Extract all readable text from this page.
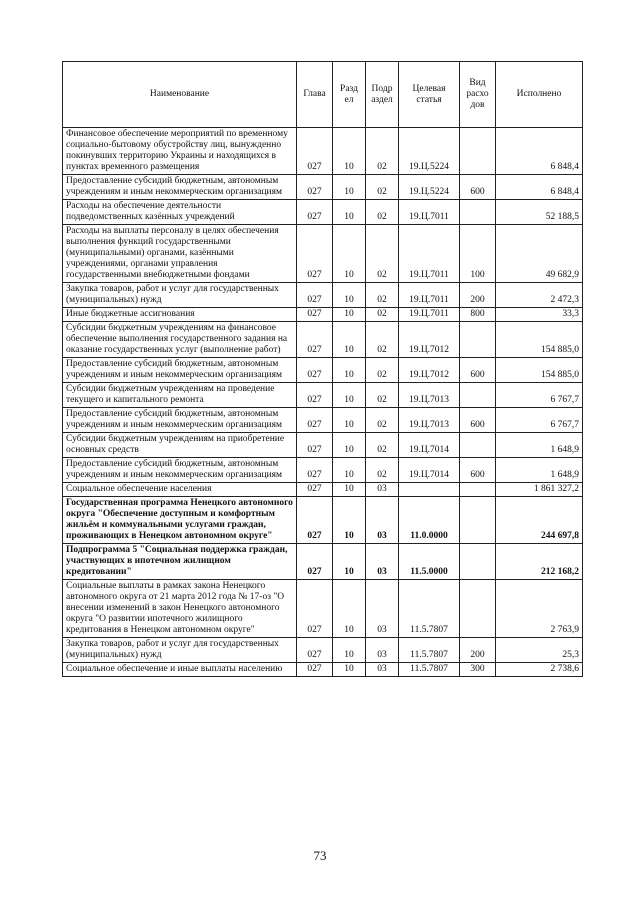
Наименование	Глава	Разд ел	Подр аздел	Целевая статья	Вид расхо дов	Исполнено
Финансовое обеспечение мероприятий по временному социально-бытовому обустройству лиц, вынужденно покинувших территорию Украины и находящихся в пунктах временного размещения	027	10	02	19.Ц.5224		6 848,4
Предоставление субсидий бюджетным, автономным учреждениям и иным некоммерческим организациям	027	10	02	19.Ц.5224	600	6 848,4
Расходы на обеспечение деятельности подведомственных казённых учреждений	027	10	02	19.Ц.7011		52 188,5
Расходы на выплаты персоналу в целях обеспечения выполнения функций государственными (муниципальными) органами, казёнными учреждениями, органами управления государственными внебюджетными фондами	027	10	02	19.Ц.7011	100	49 682,9
Закупка товаров, работ и услуг для государственных (муниципальных) нужд	027	10	02	19.Ц.7011	200	2 472,3
Иные бюджетные ассигнования	027	10	02	19.Ц.7011	800	33,3
Субсидии бюджетным учреждениям на финансовое обеспечение выполнения государственного задания на оказание государственных услуг (выполнение работ)	027	10	02	19.Ц.7012		154 885,0
Предоставление субсидий бюджетным, автономным учреждениям и иным некоммерческим организациям	027	10	02	19.Ц.7012	600	154 885,0
Субсидии бюджетным учреждениям на проведение текущего и капитального ремонта	027	10	02	19.Ц.7013		6 767,7
Предоставление субсидий бюджетным, автономным учреждениям и иным некоммерческим организациям	027	10	02	19.Ц.7013	600	6 767,7
Субсидии бюджетным учреждениям на приобретение основных средств	027	10	02	19.Ц.7014		1 648,9
Предоставление субсидий бюджетным, автономным учреждениям и иным некоммерческим организациям	027	10	02	19.Ц.7014	600	1 648,9
Социальное обеспечение населения	027	10	03			1 861 327,2
Государственная программа Ненецкого автономного округа "Обеспечение доступным и комфортным жильём и коммунальными услугами граждан, проживающих в Ненецком автономном округе"	027	10	03	11.0.0000		244 697,8
Подпрограмма 5 "Социальная поддержка граждан, участвующих в ипотечном жилищном кредитовании"	027	10	03	11.5.0000		212 168,2
Социальные выплаты в рамках закона Ненецкого автономного округа от 21 марта 2012 года № 17-оз "О внесении изменений в закон Ненецкого автономного округа "О развитии ипотечного жилищного кредитования в Ненецком автономном округе"	027	10	03	11.5.7807		2 763,9
Закупка товаров, работ и услуг для государственных (муниципальных) нужд	027	10	03	11.5.7807	200	25,3
Социальное обеспечение и иные выплаты населению	027	10	03	11.5.7807	300	2 738,6
73
